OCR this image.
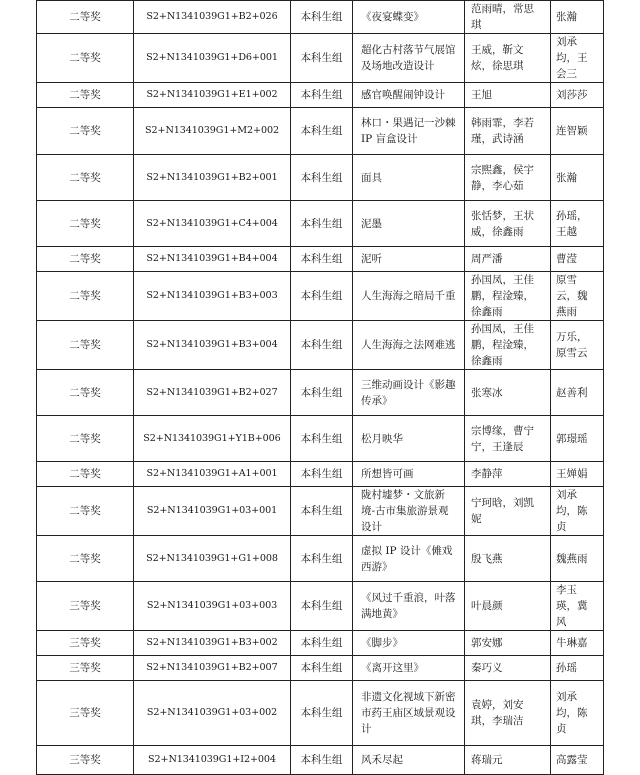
二等奖	S2+N1341039G1+B2+026	本科生组	《夜宴蝶变》	范雨晴，常思琪	张瀚
二等奖	S2+N1341039G1+D6+001	本科生组	超化古村落节气展馆及场地改造设计	王威，靳文炫，徐思琪	刘承均，王会三
二等奖	S2+N1341039G1+E1+002	本科生组	感官唤醒闹钟设计	王旭	刘莎莎
二等奖	S2+N1341039G1+M2+002	本科生组	林口・果遇记一沙棘IP 盲盒设计	韩雨霏，李若瑾，武诗涵	连智颖
二等奖	S2+N1341039G1+B2+001	本科生组	面具	宗熙鑫，侯宇静，李心茹	张瀚
二等奖	S2+N1341039G1+C4+004	本科生组	泥墨	张恬梦，王状威，徐鑫雨	孙瑶，王越
二等奖	S2+N1341039G1+B4+004	本科生组	泥听	周严潘	曹滢
二等奖	S2+N1341039G1+B3+003	本科生组	人生海海之暗局千重	孙国凤，王佳鹏，程淦臻，徐鑫雨	原雪云，魏燕雨
二等奖	S2+N1341039G1+B3+004	本科生组	人生海海之法网难逃	孙国凤，王佳鹏，程淦臻，徐鑫雨	万乐，原雪云
二等奖	S2+N1341039G1+B2+027	本科生组	三维动画设计《影趣传承》	张寒冰	赵善利
二等奖	S2+N1341039G1+Y1B+006	本科生组	松月映华	宗博缘，曹宁宁，王逢辰	郭璟瑶
二等奖	S2+N1341039G1+A1+001	本科生组	所想皆可画	李静萍	王婵娟
二等奖	S2+N1341039G1+03+001	本科生组	陇村墟梦・文旅新境-古市集旅游景观设计	宁珂晗，刘凯妮	刘承均，陈贞
二等奖	S2+N1341039G1+G1+008	本科生组	虚拟 IP 设计《傩戏西游》	殷飞燕	魏燕雨
三等奖	S2+N1341039G1+03+003	本科生组	《风过千重浪，叶落满地黄》	叶晨颜	李玉瑛，冀风
三等奖	S2+N1341039G1+B3+002	本科生组	《脚步》	郭安娜	牛琳嘉
三等奖	S2+N1341039G1+B2+007	本科生组	《离开这里》	秦巧义	孙瑶
三等奖	S2+N1341039G1+03+002	本科生组	非遗文化视域下新密市药王庙区域景观设计	袁婷，刘安琪，李瑞洁	刘承均，陈贞
三等奖	S2+N1341039G1+I2+004	本科生组	风禾尽起	蒋瑞元	高露莹
